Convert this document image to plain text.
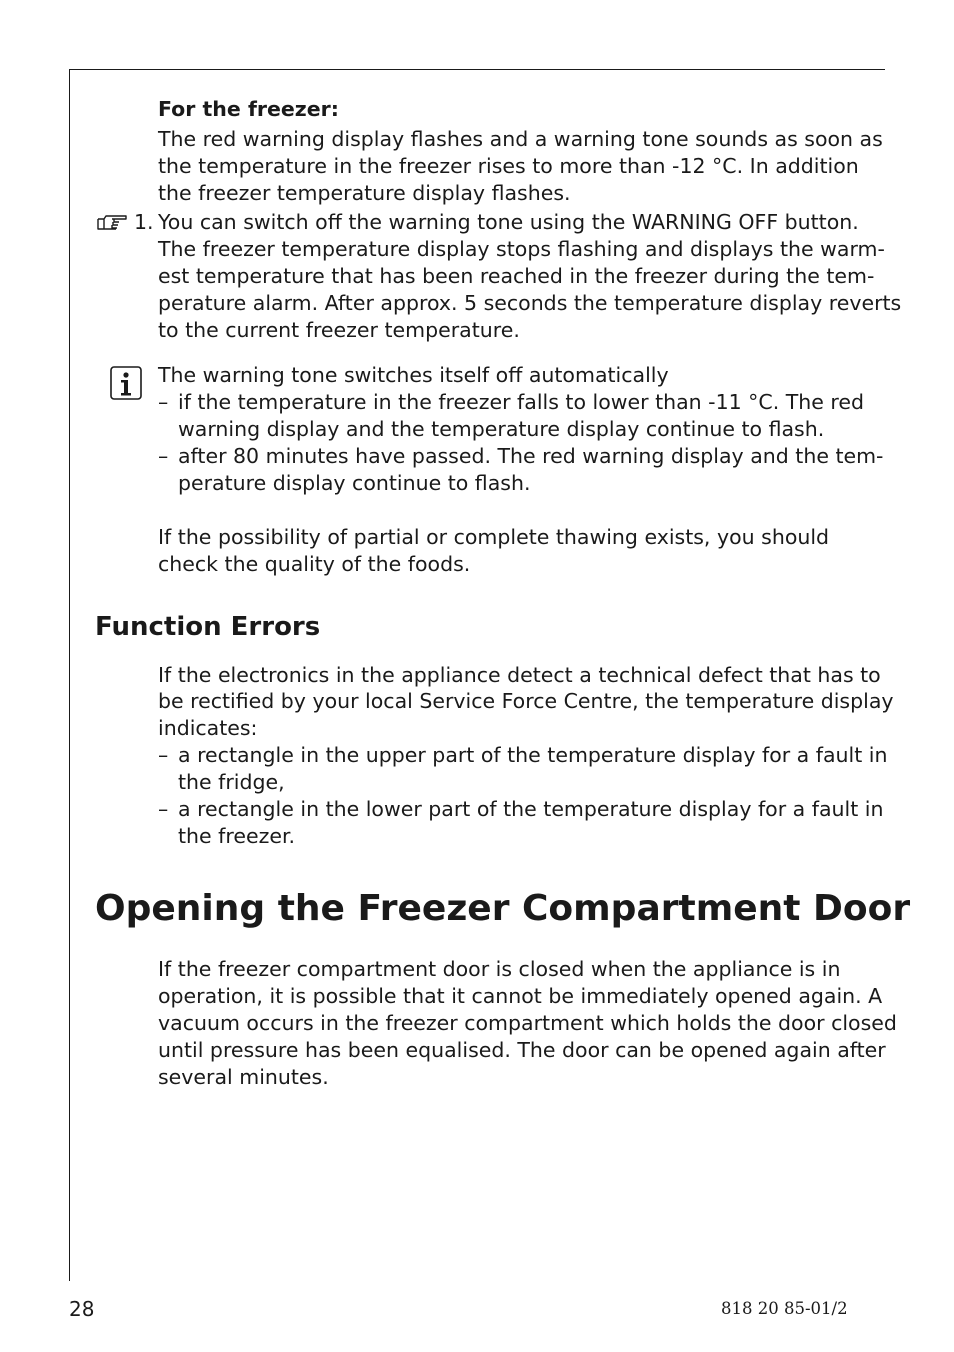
For the freezer:

The red warning display flashes and a warning tone sounds as soon as

the temperature in the freezer rises to more than -12 °C. In addition

the freezer temperature display flashes.

1. You can switch off the warning tone using the WARNING OFF button.

The freezer temperature display stops flashing and displays the warm-

est temperature that has been reached in the freezer during the tem-

perature alarm. After approx. 5 seconds the temperature display reverts

to the current freezer temperature.

The warning tone switches itself off automatically

– if the temperature in the freezer falls to lower than -11 °C. The red

warning display and the temperature display continue to flash.

– after 80 minutes have passed. The red warning display and the tem-

perature display continue to flash.

If the possibility of partial or complete thawing exists, you should

check the quality of the foods.

Function Errors

If the electronics in the appliance detect a technical defect that has to

be rectified by your local Service Force Centre, the temperature display

indicates:

– a rectangle in the upper part of the temperature display for a fault in

the fridge,

– a rectangle in the lower part of the temperature display for a fault in

the freezer.

Opening the Freezer Compartment Door

If the freezer compartment door is closed when the appliance is in

operation, it is possible that it cannot be immediately opened again. A

vacuum occurs in the freezer compartment which holds the door closed

until pressure has been equalised. The door can be opened again after

several minutes.

28	818 20 85-01/2
